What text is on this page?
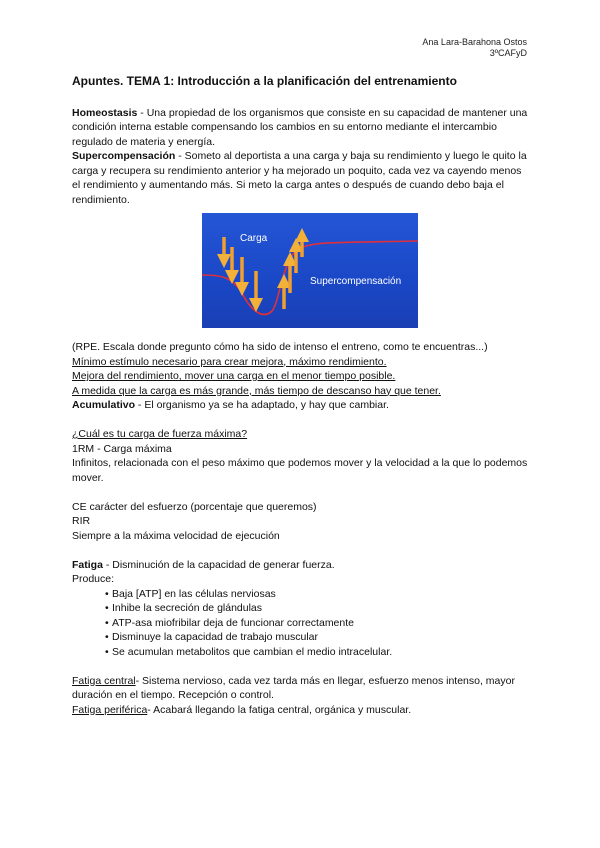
Ana Lara-Barahona Ostos
3ºCAFyD

Apuntes. TEMA 1: Introducción a la planificación del entrenamiento

Homeostasis - Una propiedad de los organismos que consiste en su capacidad de mantener una condición interna estable compensando los cambios en su entorno mediante el intercambio regulado de materia y energía.

Supercompensación - Someto al deportista a una carga y baja su rendimiento y luego le quito la carga y recupera su rendimiento anterior y ha mejorado un poquito, cada vez va cayendo menos el rendimiento y aumentando más. Si meto la carga antes o después de cuando debo baja el rendimiento.

Carga
Supercompensación

(RPE. Escala donde pregunto cómo ha sido de intenso el entreno, como te encuentras...)

Mínimo estímulo necesario para crear mejora, máximo rendimiento.

Mejora del rendimiento, mover una carga en el menor tiempo posible.

A medida que la carga es más grande, más tiempo de descanso hay que tener.

Acumulativo - El organismo ya se ha adaptado, y hay que cambiar.

¿Cuál es tu carga de fuerza máxima?

1RM - Carga máxima

Infinitos, relacionada con el peso máximo que podemos mover y la velocidad a la que lo podemos mover.

CE carácter del esfuerzo (porcentaje que queremos)

RIR

Siempre a la máxima velocidad de ejecución

Fatiga - Disminución de la capacidad de generar fuerza.

Produce:

• Baja [ATP] en las células nerviosas
• Inhibe la secreción de glándulas
• ATP-asa miofribilar deja de funcionar correctamente
• Disminuye la capacidad de trabajo muscular
• Se acumulan metabolitos que cambian el medio intracelular.

Fatiga central- Sistema nervioso, cada vez tarda más en llegar, esfuerzo menos intenso, mayor duración en el tiempo. Recepción o control.

Fatiga periférica- Acabará llegando la fatiga central, orgánica y muscular.
